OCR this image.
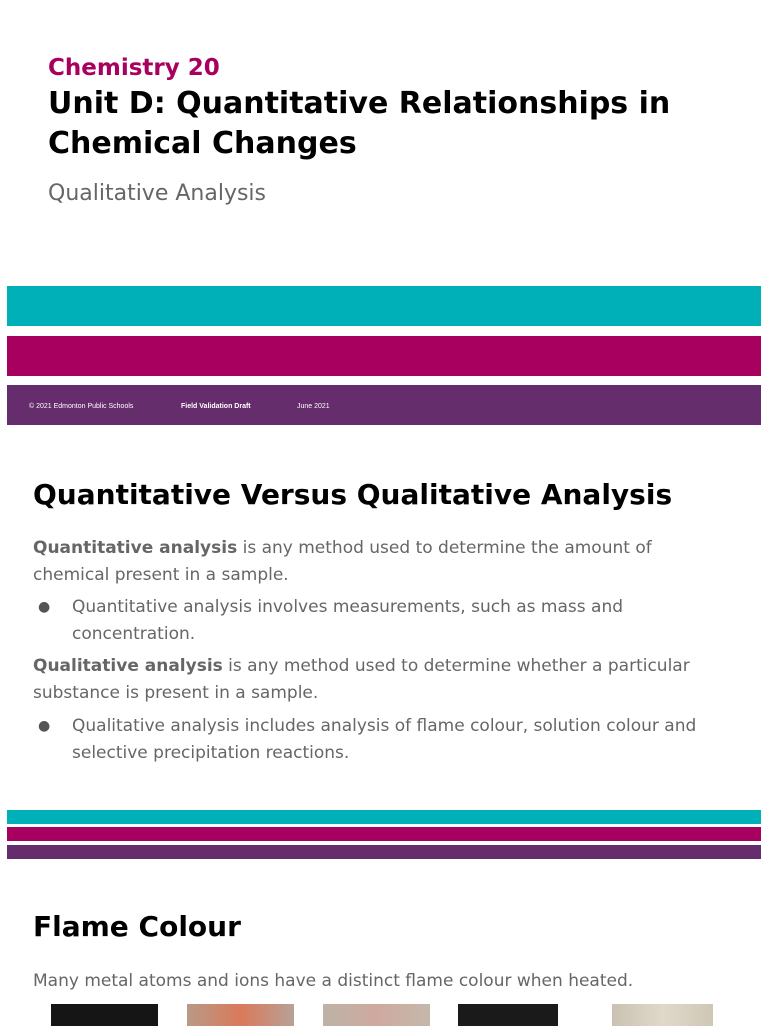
Chemistry 20
Unit D: Quantitative Relationships in Chemical Changes
Qualitative Analysis
© 2021 Edmonton Public Schools	Field Validation Draft	June 2021
Quantitative Versus Qualitative Analysis

Quantitative analysis is any method used to determine the amount of chemical present in a sample.

● Quantitative analysis involves measurements, such as mass and concentration.

Qualitative analysis is any method used to determine whether a particular substance is present in a sample.

● Qualitative analysis includes analysis of flame colour, solution colour and selective precipitation reactions.
Flame Colour

Many metal atoms and ions have a distinct flame colour when heated.
